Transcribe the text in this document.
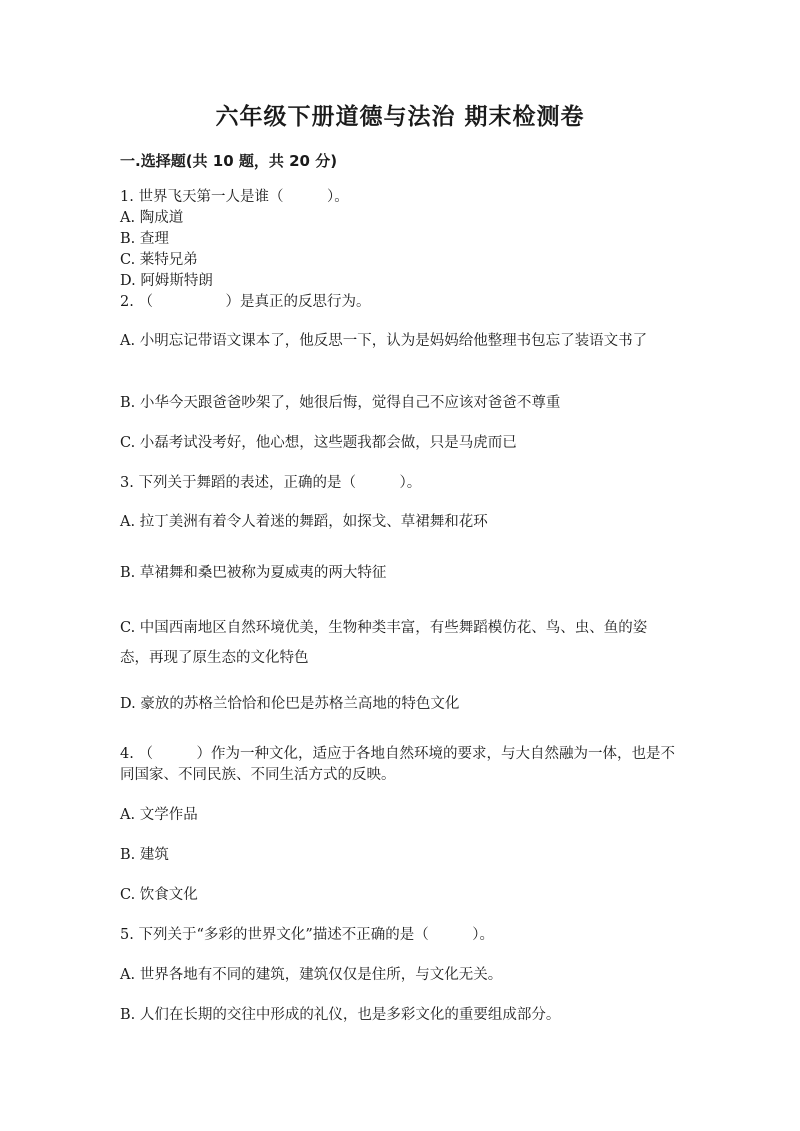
六年级下册道德与法治 期末检测卷
一.选择题(共 10 题，共 20 分)
1. 世界飞天第一人是谁（　　　）。
A. 陶成道
B. 查理
C. 莱特兄弟
D. 阿姆斯特朗
2. （　　　　　）是真正的反思行为。
A. 小明忘记带语文课本了，他反思一下，认为是妈妈给他整理书包忘了装语文书了
B. 小华今天跟爸爸吵架了，她很后悔，觉得自己不应该对爸爸不尊重
C. 小磊考试没考好，他心想，这些题我都会做，只是马虎而已
3. 下列关于舞蹈的表述，正确的是（　　　）。
A. 拉丁美洲有着令人着迷的舞蹈，如探戈、草裙舞和花环
B. 草裙舞和桑巴被称为夏威夷的两大特征
C. 中国西南地区自然环境优美，生物种类丰富，有些舞蹈模仿花、鸟、虫、鱼的姿 态，再现了原生态的文化特色
D. 豪放的苏格兰恰恰和伦巴是苏格兰高地的特色文化
4. （　　　）作为一种文化，适应于各地自然环境的要求，与大自然融为一体，也是不同国家、不同民族、不同生活方式的反映。
A. 文学作品
B. 建筑
C. 饮食文化
5. 下列关于“多彩的世界文化”描述不正确的是（　　　）。
A. 世界各地有不同的建筑，建筑仅仅是住所，与文化无关。
B. 人们在长期的交往中形成的礼仪，也是多彩文化的重要组成部分。
